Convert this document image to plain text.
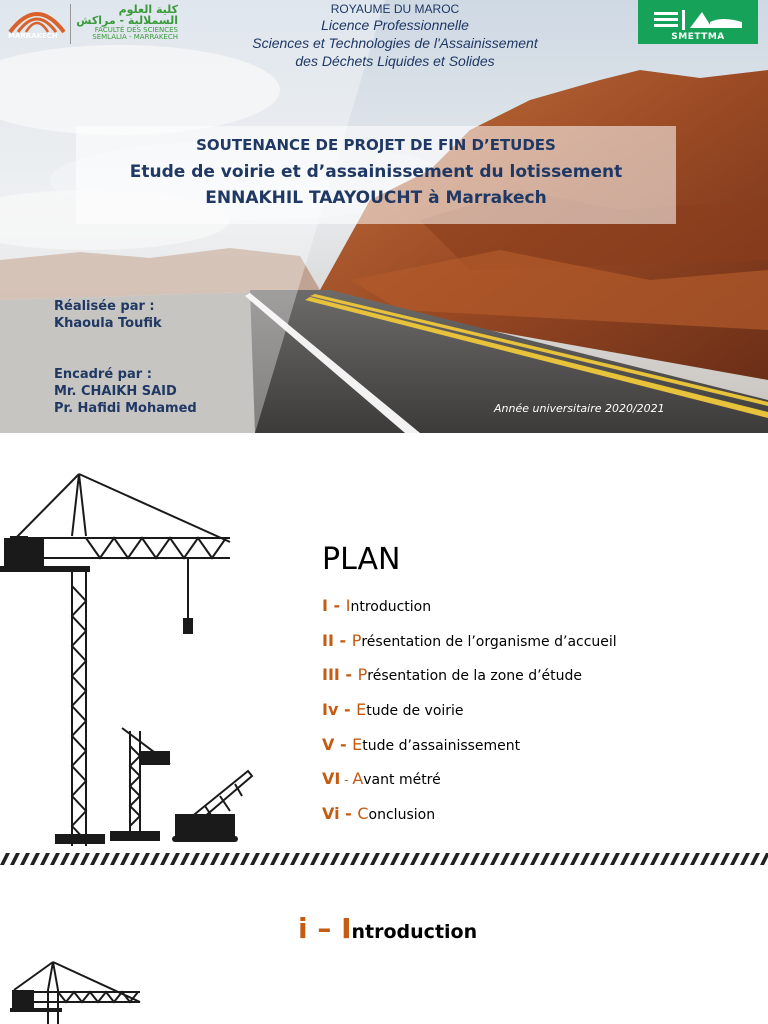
MARRAKECH
كلية العلوم السملالية - مراكش
FACULTÉ DES SCIENCES SEMLALIA - MARRAKECH
ROYAUME DU MAROC
Licence Professionnelle
Sciences et Technologies de l'Assainissement
des Déchets Liquides et Solides
SMETTMA
SOUTENANCE DE PROJET DE FIN D’ETUDES
Etude de voirie et d’assainissement du lotissement
ENNAKHIL TAAYOUCHT à Marrakech
Réalisée par :
Khaoula Toufik
Encadré par :
Mr. CHAIKH SAID
Pr. Hafidi Mohamed	Année universitaire 2020/2021
PLAN
I - Introduction
II - Présentation de l’organisme d’accueil
III - Présentation de la zone d’étude
Iv - Etude de voirie
V - Etude d’assainissement
VI - Avant métré
Vi - Conclusion
i – Introduction
